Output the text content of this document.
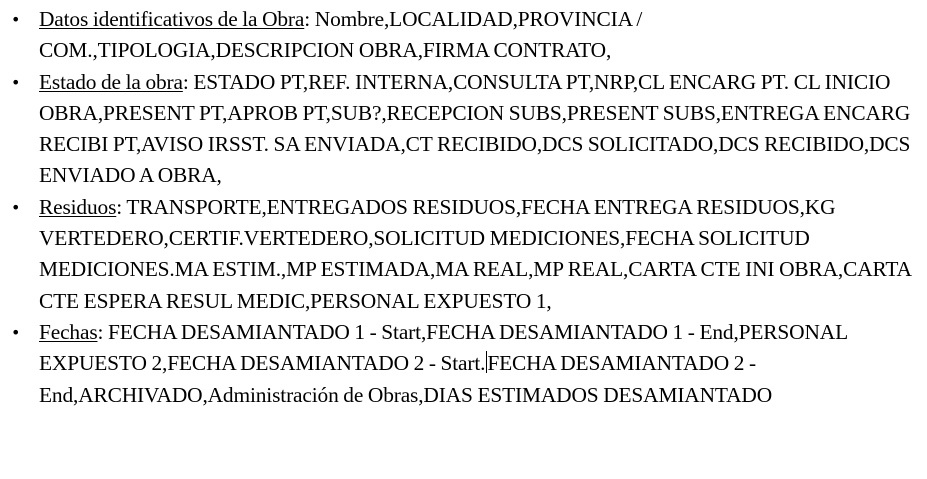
• Datos identificativos de la Obra: Nombre,LOCALIDAD,PROVINCIA / COM.,TIPOLOGIA,DESCRIPCION OBRA,FIRMA CONTRATO,
• Estado de la obra: ESTADO PT,REF. INTERNA,CONSULTA PT,NRP,CL ENCARG PT. CL INICIO OBRA,PRESENT PT,APROB PT,SUB?,RECEPCION SUBS,PRESENT SUBS,ENTREGA ENCARG RECIBI PT,AVISO IRSST. SA ENVIADA,CT RECIBIDO,DCS SOLICITADO,DCS RECIBIDO,DCS ENVIADO A OBRA,
• Residuos: TRANSPORTE,ENTREGADOS RESIDUOS,FECHA ENTREGA RESIDUOS,KG VERTEDERO,CERTIF.VERTEDERO,SOLICITUD MEDICIONES,FECHA SOLICITUD MEDICIONES.MA ESTIM.,MP ESTIMADA,MA REAL,MP REAL,CARTA CTE INI OBRA,CARTA CTE ESPERA RESUL MEDIC,PERSONAL EXPUESTO 1,
• Fechas: FECHA DESAMIANTADO 1 - Start,FECHA DESAMIANTADO 1 - End,PERSONAL EXPUESTO 2,FECHA DESAMIANTADO 2 - Start.FECHA DESAMIANTADO 2 - End,ARCHIVADO,Administración de Obras,DIAS ESTIMADOS DESAMIANTADO
